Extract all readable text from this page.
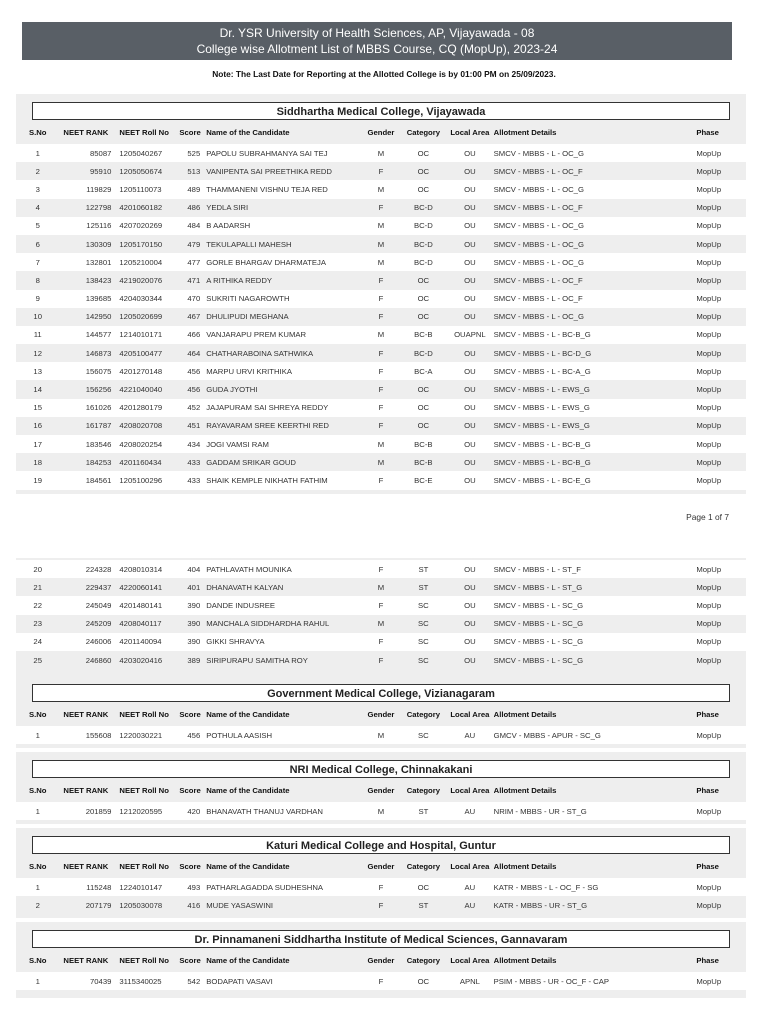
Dr. YSR University of Health Sciences, AP, Vijayawada - 08
College wise Allotment List of MBBS Course, CQ (MopUp), 2023-24
Note: The Last Date for Reporting at the Allotted College is by 01:00 PM on 25/09/2023.
Siddhartha Medical College, Vijayawada
S.No	NEET RANK	NEET Roll No	Score	Name of the Candidate	Gender	Category	Local Area	Allotment Details	Phase
1	85087	1205040267	525	PAPOLU SUBRAHMANYA SAI TEJ	M	OC	OU	SMCV - MBBS - L - OC_G	MopUp
2	95910	1205050674	513	VANIPENTA SAI PREETHIKA REDD	F	OC	OU	SMCV - MBBS - L - OC_F	MopUp
3	119829	1205110073	489	THAMMANENI VISHNU TEJA RED	M	OC	OU	SMCV - MBBS - L - OC_G	MopUp
4	122798	4201060182	486	YEDLA SIRI	F	BC-D	OU	SMCV - MBBS - L - OC_F	MopUp
5	125116	4207020269	484	B AADARSH	M	BC-D	OU	SMCV - MBBS - L - OC_G	MopUp
6	130309	1205170150	479	TEKULAPALLI MAHESH	M	BC-D	OU	SMCV - MBBS - L - OC_G	MopUp
7	132801	1205210004	477	GORLE BHARGAV DHARMATEJA	M	BC-D	OU	SMCV - MBBS - L - OC_G	MopUp
8	138423	4219020076	471	A RITHIKA REDDY	F	OC	OU	SMCV - MBBS - L - OC_F	MopUp
9	139685	4204030344	470	SUKRITI NAGAROWTH	F	OC	OU	SMCV - MBBS - L - OC_F	MopUp
10	142950	1205020699	467	DHULIPUDI MEGHANA	F	OC	OU	SMCV - MBBS - L - OC_G	MopUp
11	144577	1214010171	466	VANJARAPU PREM KUMAR	M	BC-B	OUAPNL	SMCV - MBBS - L - BC-B_G	MopUp
12	146873	4205100477	464	CHATHARABOINA SATHWIKA	F	BC-D	OU	SMCV - MBBS - L - BC-D_G	MopUp
13	156075	4201270148	456	MARPU URVI KRITHIKA	F	BC-A	OU	SMCV - MBBS - L - BC-A_G	MopUp
14	156256	4221040040	456	GUDA JYOTHI	F	OC	OU	SMCV - MBBS - L - EWS_G	MopUp
15	161026	4201280179	452	JAJAPURAM SAI SHREYA REDDY	F	OC	OU	SMCV - MBBS - L - EWS_G	MopUp
16	161787	4208020708	451	RAYAVARAM SREE KEERTHI RED	F	OC	OU	SMCV - MBBS - L - EWS_G	MopUp
17	183546	4208020254	434	JOGI VAMSI RAM	M	BC-B	OU	SMCV - MBBS - L - BC-B_G	MopUp
18	184253	4201160434	433	GADDAM SRIKAR GOUD	M	BC-B	OU	SMCV - MBBS - L - BC-B_G	MopUp
19	184561	1205100296	433	SHAIK KEMPLE NIKHATH FATHIM	F	BC-E	OU	SMCV - MBBS - L - BC-E_G	MopUp
Page 1 of 7
20	224328	4208010314	404	PATHLAVATH MOUNIKA	F	ST	OU	SMCV - MBBS - L - ST_F	MopUp
21	229437	4220060141	401	DHANAVATH KALYAN	M	ST	OU	SMCV - MBBS - L - ST_G	MopUp
22	245049	4201480141	390	DANDE INDUSREE	F	SC	OU	SMCV - MBBS - L - SC_G	MopUp
23	245209	4208040117	390	MANCHALA SIDDHARDHA RAHUL	M	SC	OU	SMCV - MBBS - L - SC_G	MopUp
24	246006	4201140094	390	GIKKI SHRAVYA	F	SC	OU	SMCV - MBBS - L - SC_G	MopUp
25	246860	4203020416	389	SIRIPURAPU SAMITHA ROY	F	SC	OU	SMCV - MBBS - L - SC_G	MopUp
Government Medical College, Vizianagaram
S.No	NEET RANK	NEET Roll No	Score	Name of the Candidate	Gender	Category	Local Area	Allotment Details	Phase
1	155608	1220030221	456	POTHULA AASISH	M	SC	AU	GMCV - MBBS - APUR - SC_G	MopUp
NRI Medical College, Chinnakakani
S.No	NEET RANK	NEET Roll No	Score	Name of the Candidate	Gender	Category	Local Area	Allotment Details	Phase
1	201859	1212020595	420	BHANAVATH THANUJ VARDHAN	M	ST	AU	NRIM - MBBS - UR - ST_G	MopUp
Katuri Medical College and Hospital, Guntur
S.No	NEET RANK	NEET Roll No	Score	Name of the Candidate	Gender	Category	Local Area	Allotment Details	Phase
1	115248	1224010147	493	PATHARLAGADDA SUDHESHNA	F	OC	AU	KATR - MBBS - L - OC_F - SG	MopUp
2	207179	1205030078	416	MUDE YASASWINI	F	ST	AU	KATR - MBBS - UR - ST_G	MopUp
Dr. Pinnamaneni Siddhartha Institute of Medical Sciences, Gannavaram
S.No	NEET RANK	NEET Roll No	Score	Name of the Candidate	Gender	Category	Local Area	Allotment Details	Phase
1	70439	3115340025	542	BODAPATI VASAVI	F	OC	APNL	PSIM - MBBS - UR - OC_F - CAP	MopUp
